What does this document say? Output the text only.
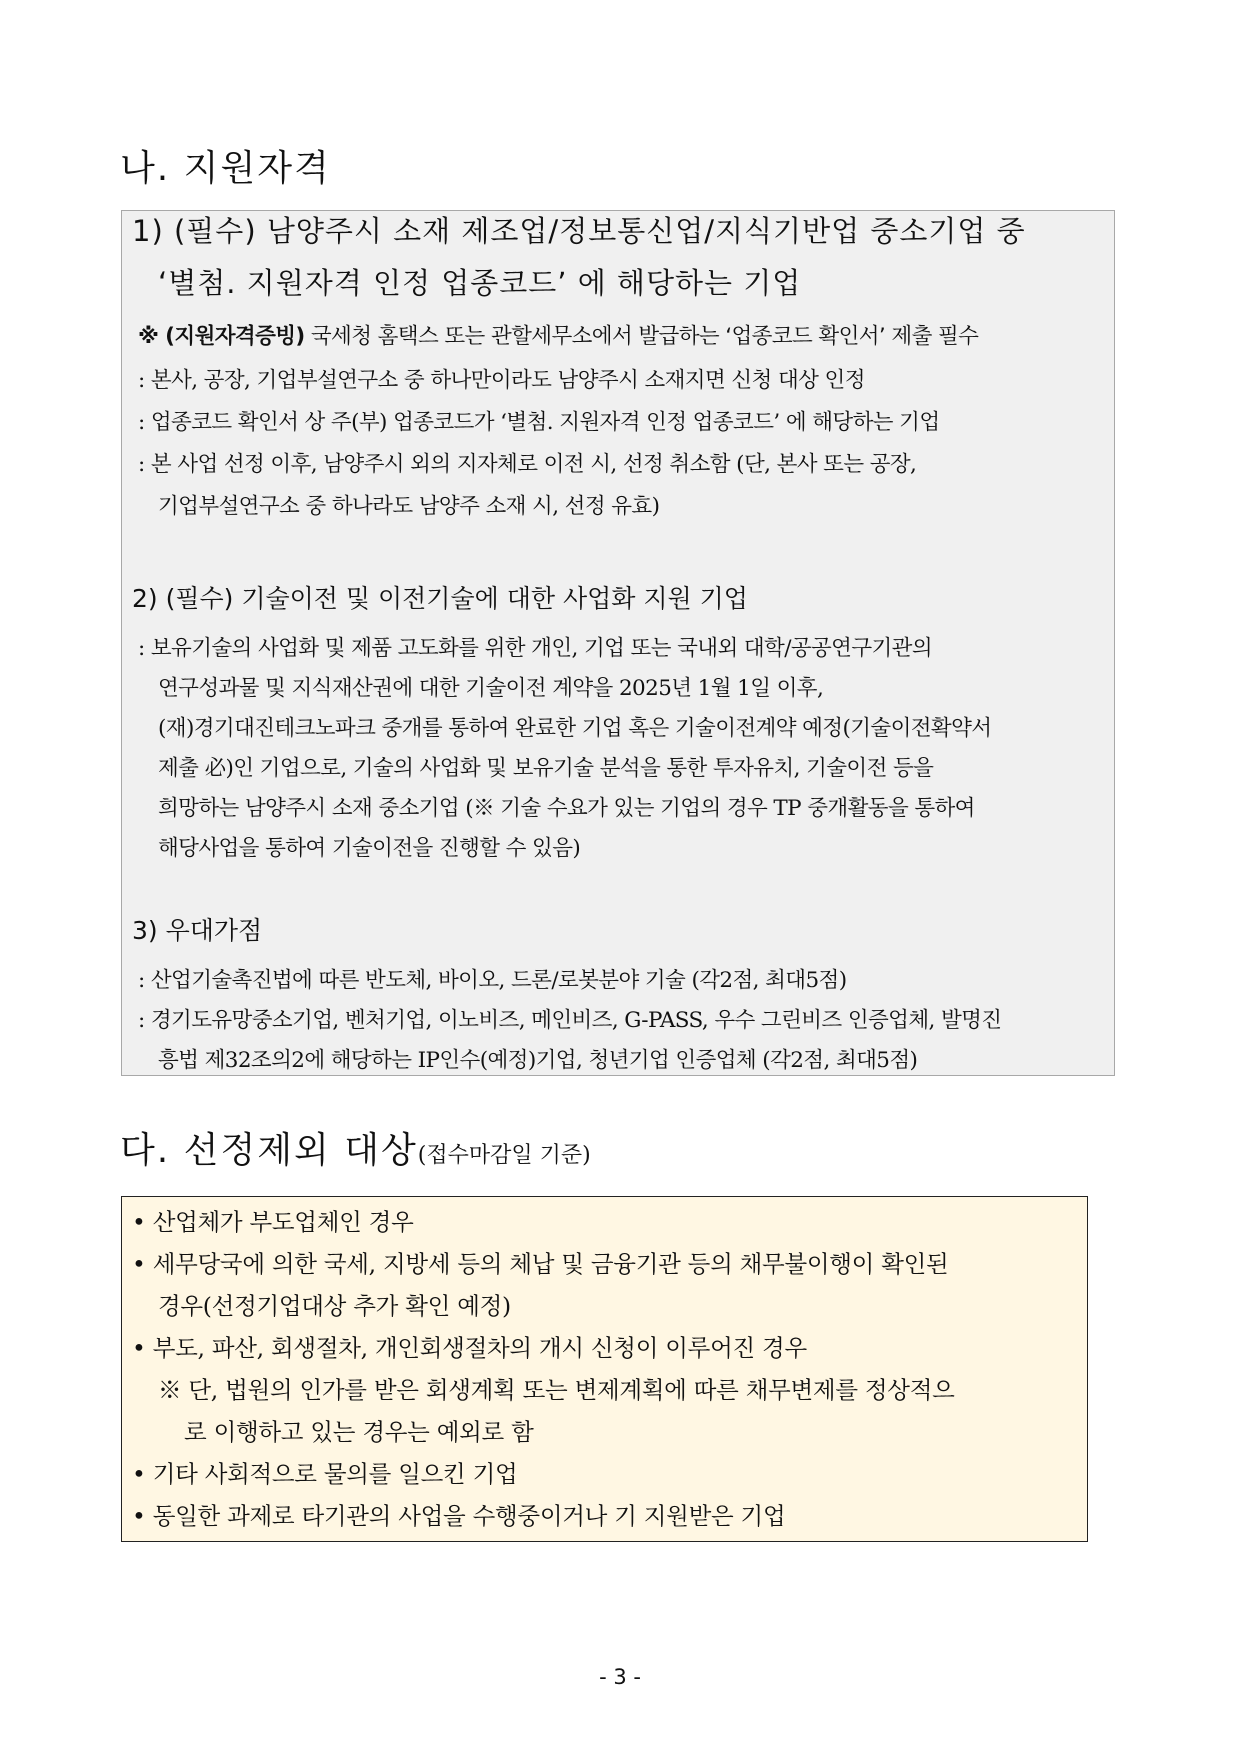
나. 지원자격
1) (필수) 남양주시 소재 제조업/정보통신업/지식기반업 중소기업 중
‘별첨. 지원자격 인정 업종코드’ 에 해당하는 기업
※ (지원자격증빙) 국세청 홈택스 또는 관할세무소에서 발급하는 ‘업종코드 확인서’ 제출 필수
: 본사, 공장, 기업부설연구소 중 하나만이라도 남양주시 소재지면 신청 대상 인정
: 업종코드 확인서 상 주(부) 업종코드가 ‘별첨. 지원자격 인정 업종코드’ 에 해당하는 기업
: 본 사업 선정 이후, 남양주시 외의 지자체로 이전 시, 선정 취소함 (단, 본사 또는 공장,
기업부설연구소 중 하나라도 남양주 소재 시, 선정 유효)
2) (필수) 기술이전 및 이전기술에 대한 사업화 지원 기업
: 보유기술의 사업화 및 제품 고도화를 위한 개인, 기업 또는 국내외 대학/공공연구기관의
연구성과물 및 지식재산권에 대한 기술이전 계약을 2025년 1월 1일 이후,
(재)경기대진테크노파크 중개를 통하여 완료한 기업 혹은 기술이전계약 예정(기술이전확약서
제출 必)인 기업으로, 기술의 사업화 및 보유기술 분석을 통한 투자유치, 기술이전 등을
희망하는 남양주시 소재 중소기업 (※ 기술 수요가 있는 기업의 경우 TP 중개활동을 통하여
해당사업을 통하여 기술이전을 진행할 수 있음)
3) 우대가점
: 산업기술촉진법에 따른 반도체, 바이오, 드론/로봇분야 기술 (각2점, 최대5점)
: 경기도유망중소기업, 벤처기업, 이노비즈, 메인비즈, G-PASS, 우수 그린비즈 인증업체, 발명진
흥법 제32조의2에 해당하는 IP인수(예정)기업, 청년기업 인증업체 (각2점, 최대5점)
다. 선정제외 대상(접수마감일 기준)
• 산업체가 부도업체인 경우
• 세무당국에 의한 국세, 지방세 등의 체납 및 금융기관 등의 채무불이행이 확인된
경우(선정기업대상 추가 확인 예정)
• 부도, 파산, 회생절차, 개인회생절차의 개시 신청이 이루어진 경우
※ 단, 법원의 인가를 받은 회생계획 또는 변제계획에 따른 채무변제를 정상적으
로 이행하고 있는 경우는 예외로 함
• 기타 사회적으로 물의를 일으킨 기업
• 동일한 과제로 타기관의 사업을 수행중이거나 기 지원받은 기업
- 3 -
